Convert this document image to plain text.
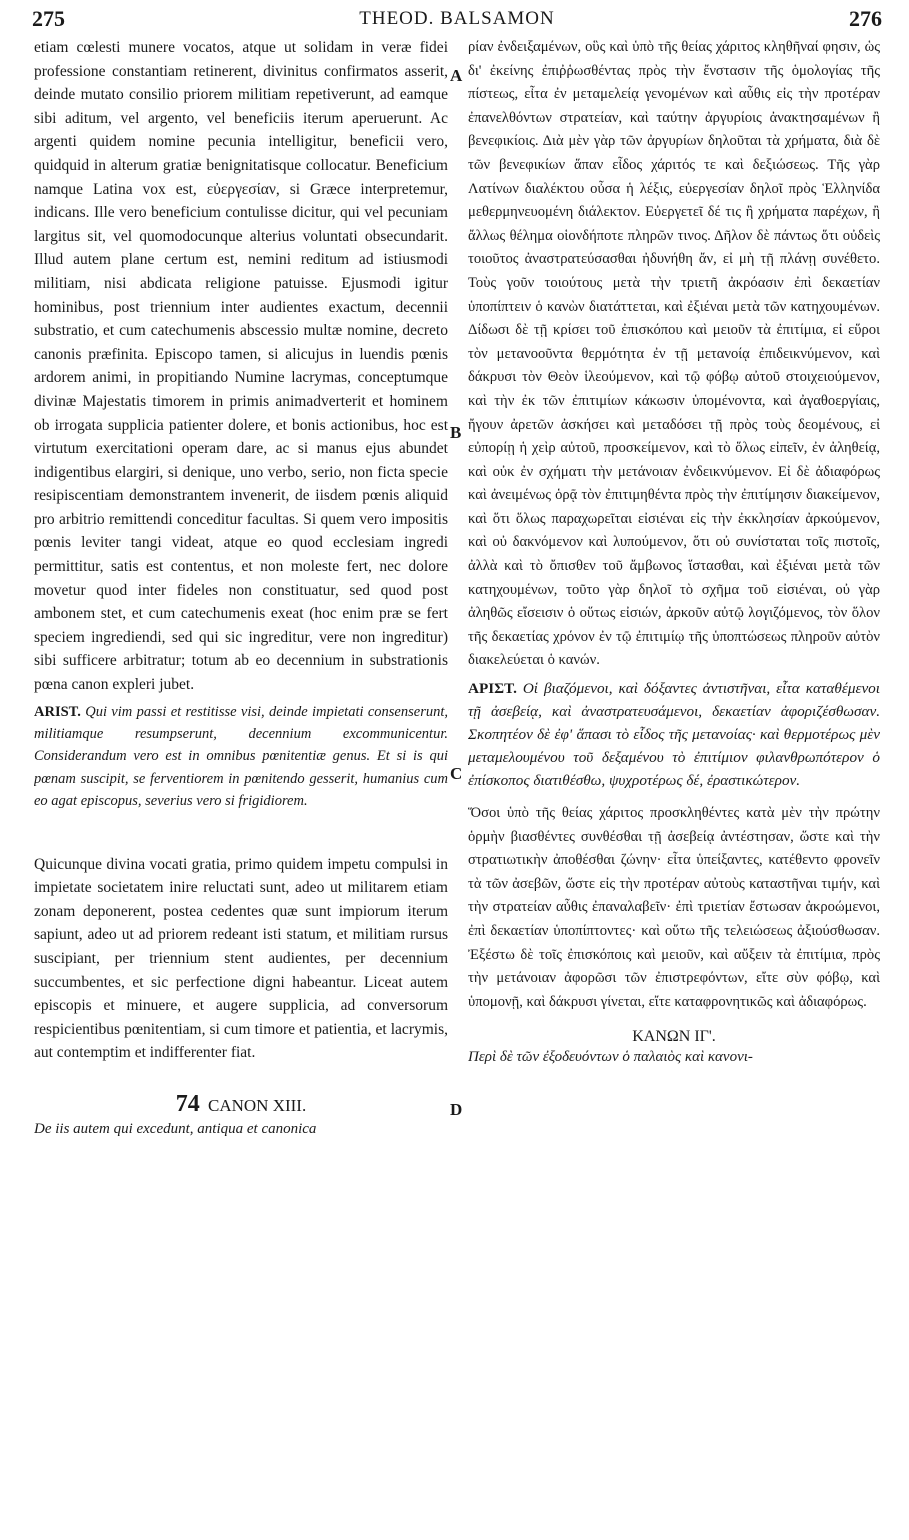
275	THEOD. BALSAMON	276
A
B
C
D

etiam cœlesti munere vocatos, atque ut solidam in veræ fidei professione constantiam retinerent, divinitus confirmatos asserit, deinde mutato consilio priorem militiam repetiverunt, ad eamque sibi aditum, vel argento, vel beneficiis iterum aperuerunt. Ac argenti quidem nomine pecunia intelligitur, beneficii vero, quidquid in alterum gratiæ benignitatisque collocatur. Beneficium namque Latina vox est, εὐεργεσίαν, si Græce interpretemur, indicans. Ille vero beneficium contulisse dicitur, qui vel pecuniam largitus sit, vel quomodocunque alterius voluntati obsecundarit. Illud autem plane certum est, nemini reditum ad istiusmodi militiam, nisi abdicata religione patuisse. Ejusmodi igitur hominibus, post triennium inter audientes exactum, decennii substratio, et cum catechumenis abscessio multæ nomine, decreto canonis præfinita. Episcopo tamen, si alicujus in luendis pœnis ardorem animi, in propitiando Numine lacrymas, conceptumque divinæ Majestatis timorem in primis animadverterit et hominem ob irrogata supplicia patienter dolere, et bonis actionibus, hoc est virtutum exercitationi operam dare, ac si manus ejus abundet indigentibus elargiri, si denique, uno verbo, serio, non ficta specie resipiscentiam demonstrantem invenerit, de iisdem pœnis aliquid pro arbitrio remittendi conceditur facultas. Si quem vero impositis pœnis leviter tangi videat, atque eo quod ecclesiam ingredi permittitur, satis est contentus, et non moleste fert, nec dolore movetur quod inter fideles non constituatur, sed quod post ambonem stet, et cum catechumenis exeat (hoc enim præ se fert speciem ingrediendi, sed qui sic ingreditur, vere non ingreditur) sibi sufficere arbitratur; totum ab eo decennium in substrationis pœna canon expleri jubet.

ARIST. Qui vim passi et restitisse visi, deinde impietati consenserunt, militiamque resumpserunt, decennium excommunicentur. Considerandum vero est in omnibus pœnitentiæ genus. Et si is qui pœnam suscipit, se ferventiorem in pœnitendo gesserit, humanius cum eo agat episcopus, severius vero si frigidiorem.

Quicunque divina vocati gratia, primo quidem impetu compulsi in impietate societatem inire reluctati sunt, adeo ut militarem etiam zonam deponerent, postea cedentes quæ sunt impiorum iterum sapiunt, adeo ut ad priorem redeant isti statum, et militiam rursus suscipiant, per triennium stent audientes, per decennium succumbentes, et sic perfectione digni habeantur. Liceat autem episcopis et minuere, et augere supplicia, ad conversorum respicientibus pœnitentiam, si cum timore et patientia, et lacrymis, aut contemptim et indifferenter fiat.

74 CANON XIII.

De iis autem qui excedunt, antiqua et canonica

ρίαν ἐνδειξαμένων, οὓς καὶ ὑπὸ τῆς θείας χάριτος κληθῆναί φησιν, ὡς δι' ἐκείνης ἐπιῤῥωσθέντας πρὸς τὴν ἔνστασιν τῆς ὁμολογίας τῆς πίστεως, εἶτα ἐν μεταμελείᾳ γενομένων καὶ αὖθις εἰς τὴν προτέραν ἐπανελθόντων στρατείαν, καὶ ταύτην ἀργυρίοις ἀνακτησαμένων ἢ βενεφικίοις. Διὰ μὲν γὰρ τῶν ἀργυρίων δηλοῦται τὰ χρήματα, διὰ δὲ τῶν βενεφικίων ἅπαν εἶδος χάριτός τε καὶ δεξιώσεως. Τῆς γὰρ Λατίνων διαλέκτου οὖσα ἡ λέξις, εὐεργεσίαν δηλοῖ πρὸς Ἑλληνίδα μεθερμηνευομένη διάλεκτον. Εὐεργετεῖ δέ τις ἢ χρήματα παρέχων, ἢ ἄλλως θέλημα οἱονδήποτε πληρῶν τινος. Δῆλον δὲ πάντως ὅτι οὐδεὶς τοιοῦτος ἀναστρατεύσασθαι ἠδυνήθη ἄν, εἰ μὴ τῇ πλάνῃ συνέθετο. Τοὺς γοῦν τοιούτους μετὰ τὴν τριετῆ ἀκρόασιν ἐπὶ δεκαετίαν ὑποπίπτειν ὁ κανὼν διατάττεται, καὶ ἐξιέναι μετὰ τῶν κατηχουμένων. Δίδωσι δὲ τῇ κρίσει τοῦ ἐπισκόπου καὶ μειοῦν τὰ ἐπιτίμια, εἰ εὕροι τὸν μετανοοῦντα θερμότητα ἐν τῇ μετανοίᾳ ἐπιδεικνύμενον, καὶ δάκρυσι τὸν Θεὸν ἱλεούμενον, καὶ τῷ φόβῳ αὐτοῦ στοιχειούμενον, καὶ τὴν ἐκ τῶν ἐπιτιμίων κάκωσιν ὑπομένοντα, καὶ ἀγαθοεργίαις, ἤγουν ἀρετῶν ἀσκήσει καὶ μεταδόσει τῇ πρὸς τοὺς δεομένους, εἰ εὐπορίῃ ἡ χεὶρ αὐτοῦ, προσκείμενον, καὶ τὸ ὅλως εἰπεῖν, ἐν ἀληθείᾳ, καὶ οὐκ ἐν σχήματι τὴν μετάνοιαν ἐνδεικνύμενον. Εἰ δὲ ἀδιαφόρως καὶ ἀνειμένως ὁρᾷ τὸν ἐπιτιμηθέντα πρὸς τὴν ἐπιτίμησιν διακείμενον, καὶ ὅτι ὅλως παραχωρεῖται εἰσιέναι εἰς τὴν ἐκκλησίαν ἀρκούμενον, καὶ οὐ δακνόμενον καὶ λυπούμενον, ὅτι οὐ συνίσταται τοῖς πιστοῖς, ἀλλὰ καὶ τὸ ὄπισθεν τοῦ ἄμβωνος ἵστασθαι, καὶ ἐξιέναι μετὰ τῶν κατηχουμένων, τοῦτο γὰρ δηλοῖ τὸ σχῆμα τοῦ εἰσιέναι, οὐ γὰρ ἀληθῶς εἴσεισιν ὁ οὕτως εἰσιών, ἀρκοῦν αὐτῷ λογιζόμενος, τὸν ὅλον τῆς δεκαετίας χρόνον ἐν τῷ ἐπιτιμίῳ τῆς ὑποπτώσεως πληροῦν αὐτὸν διακελεύεται ὁ κανών.

ΑΡΙΣΤ. Οἱ βιαζόμενοι, καὶ δόξαντες ἀντιστῆναι, εἶτα καταθέμενοι τῇ ἀσεβείᾳ, καὶ ἀναστρατευσάμενοι, δεκαετίαν ἀφοριζέσθωσαν. Σκοπητέον δὲ ἐφ' ἅπασι τὸ εἶδος τῆς μετανοίας· καὶ θερμοτέρως μὲν μεταμελουμένου τοῦ δεξαμένου τὸ ἐπιτίμιον φιλανθρωπότερον ὁ ἐπίσκοπος διατιθέσθω, ψυχροτέρως δέ, ἐραστικώτερον.

Ὅσοι ὑπὸ τῆς θείας χάριτος προσκληθέντες κατὰ μὲν τὴν πρώτην ὁρμὴν βιασθέντες συνθέσθαι τῇ ἀσεβείᾳ ἀντέστησαν, ὥστε καὶ τὴν στρατιωτικὴν ἀποθέσθαι ζώνην· εἶτα ὑπείξαντες, κατέθεντο φρονεῖν τὰ τῶν ἀσεβῶν, ὥστε εἰς τὴν προτέραν αὐτοὺς καταστῆναι τιμήν, καὶ τὴν στρατείαν αὖθις ἐπαναλαβεῖν· ἐπὶ τριετίαν ἔστωσαν ἀκροώμενοι, ἐπὶ δεκαετίαν ὑποπίπτοντες· καὶ οὕτω τῆς τελειώσεως ἀξιούσθωσαν. Ἐξέστω δὲ τοῖς ἐπισκόποις καὶ μειοῦν, καὶ αὔξειν τὰ ἐπιτίμια, πρὸς τὴν μετάνοιαν ἀφορῶσι τῶν ἐπιστρεφόντων, εἴτε σὺν φόβῳ, καὶ ὑπομονῇ, καὶ δάκρυσι γίνεται, εἴτε καταφρονητικῶς καὶ ἀδιαφόρως.

ΚΑΝΩΝ ΙΓ'.

Περὶ δὲ τῶν ἐξοδευόντων ὁ παλαιὸς καὶ κανονι-
